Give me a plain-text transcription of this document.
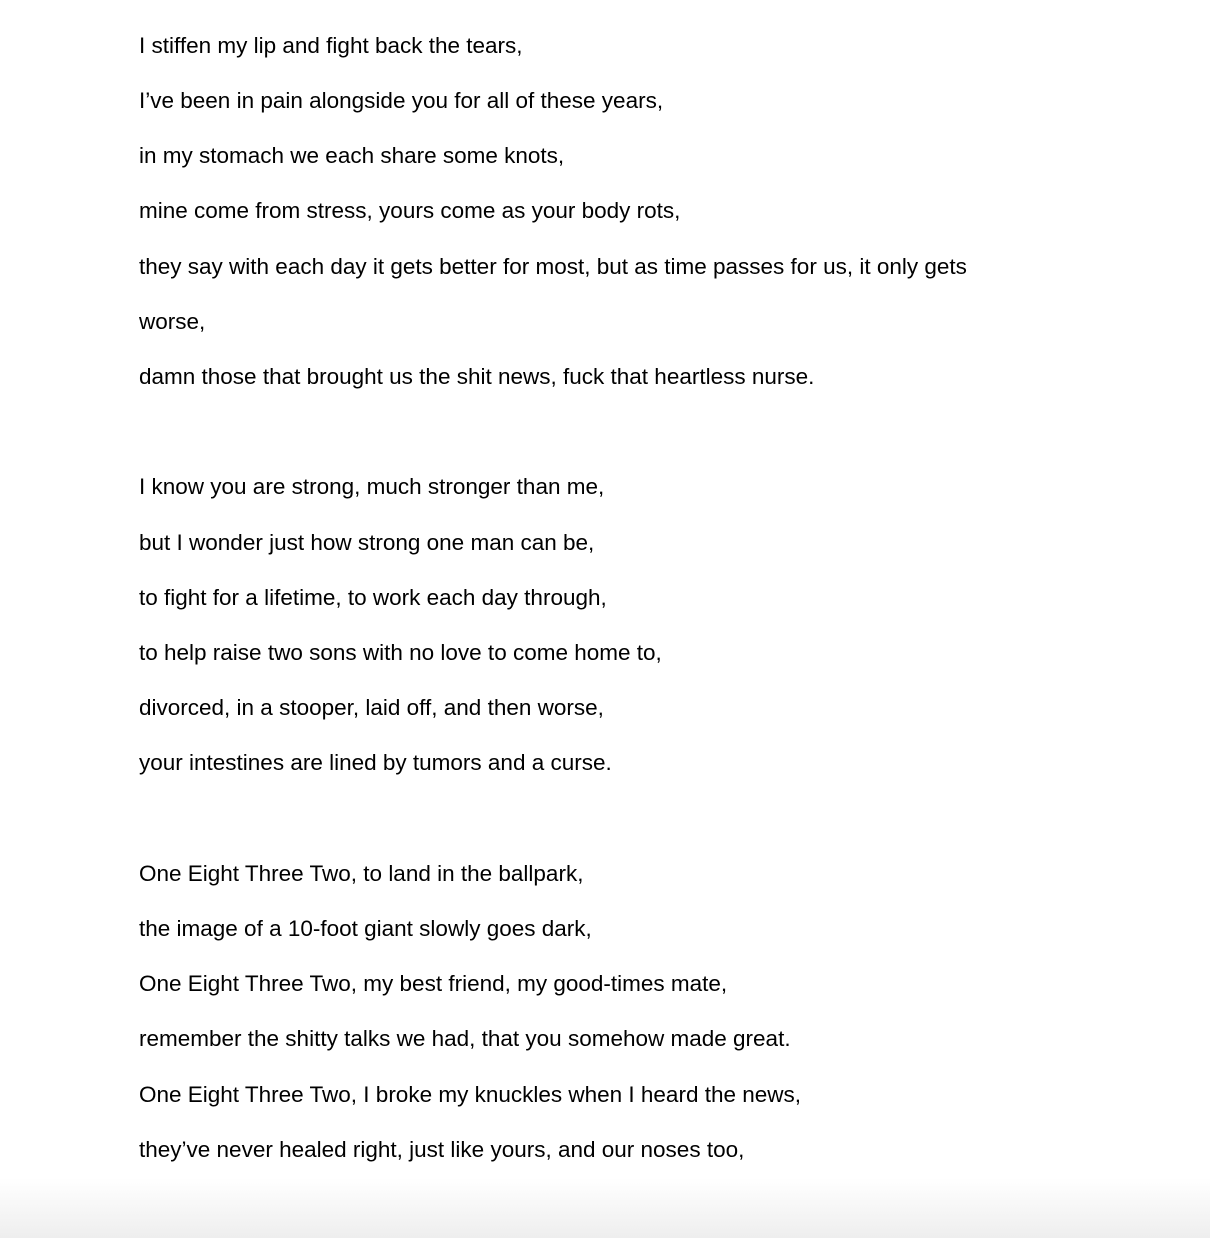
I stiffen my lip and fight back the tears,
I’ve been in pain alongside you for all of these years,
in my stomach we each share some knots,
mine come from stress, yours come as your body rots,
they say with each day it gets better for most, but as time passes for us, it only gets
worse,
damn those that brought us the shit news, fuck that heartless nurse.
I know you are strong, much stronger than me,
but I wonder just how strong one man can be,
to fight for a lifetime, to work each day through,
to help raise two sons with no love to come home to,
divorced, in a stooper, laid off, and then worse,
your intestines are lined by tumors and a curse.
One Eight Three Two, to land in the ballpark,
the image of a 10-foot giant slowly goes dark,
One Eight Three Two, my best friend, my good-times mate,
remember the shitty talks we had, that you somehow made great.
One Eight Three Two, I broke my knuckles when I heard the news,
they’ve never healed right, just like yours, and our noses too,
